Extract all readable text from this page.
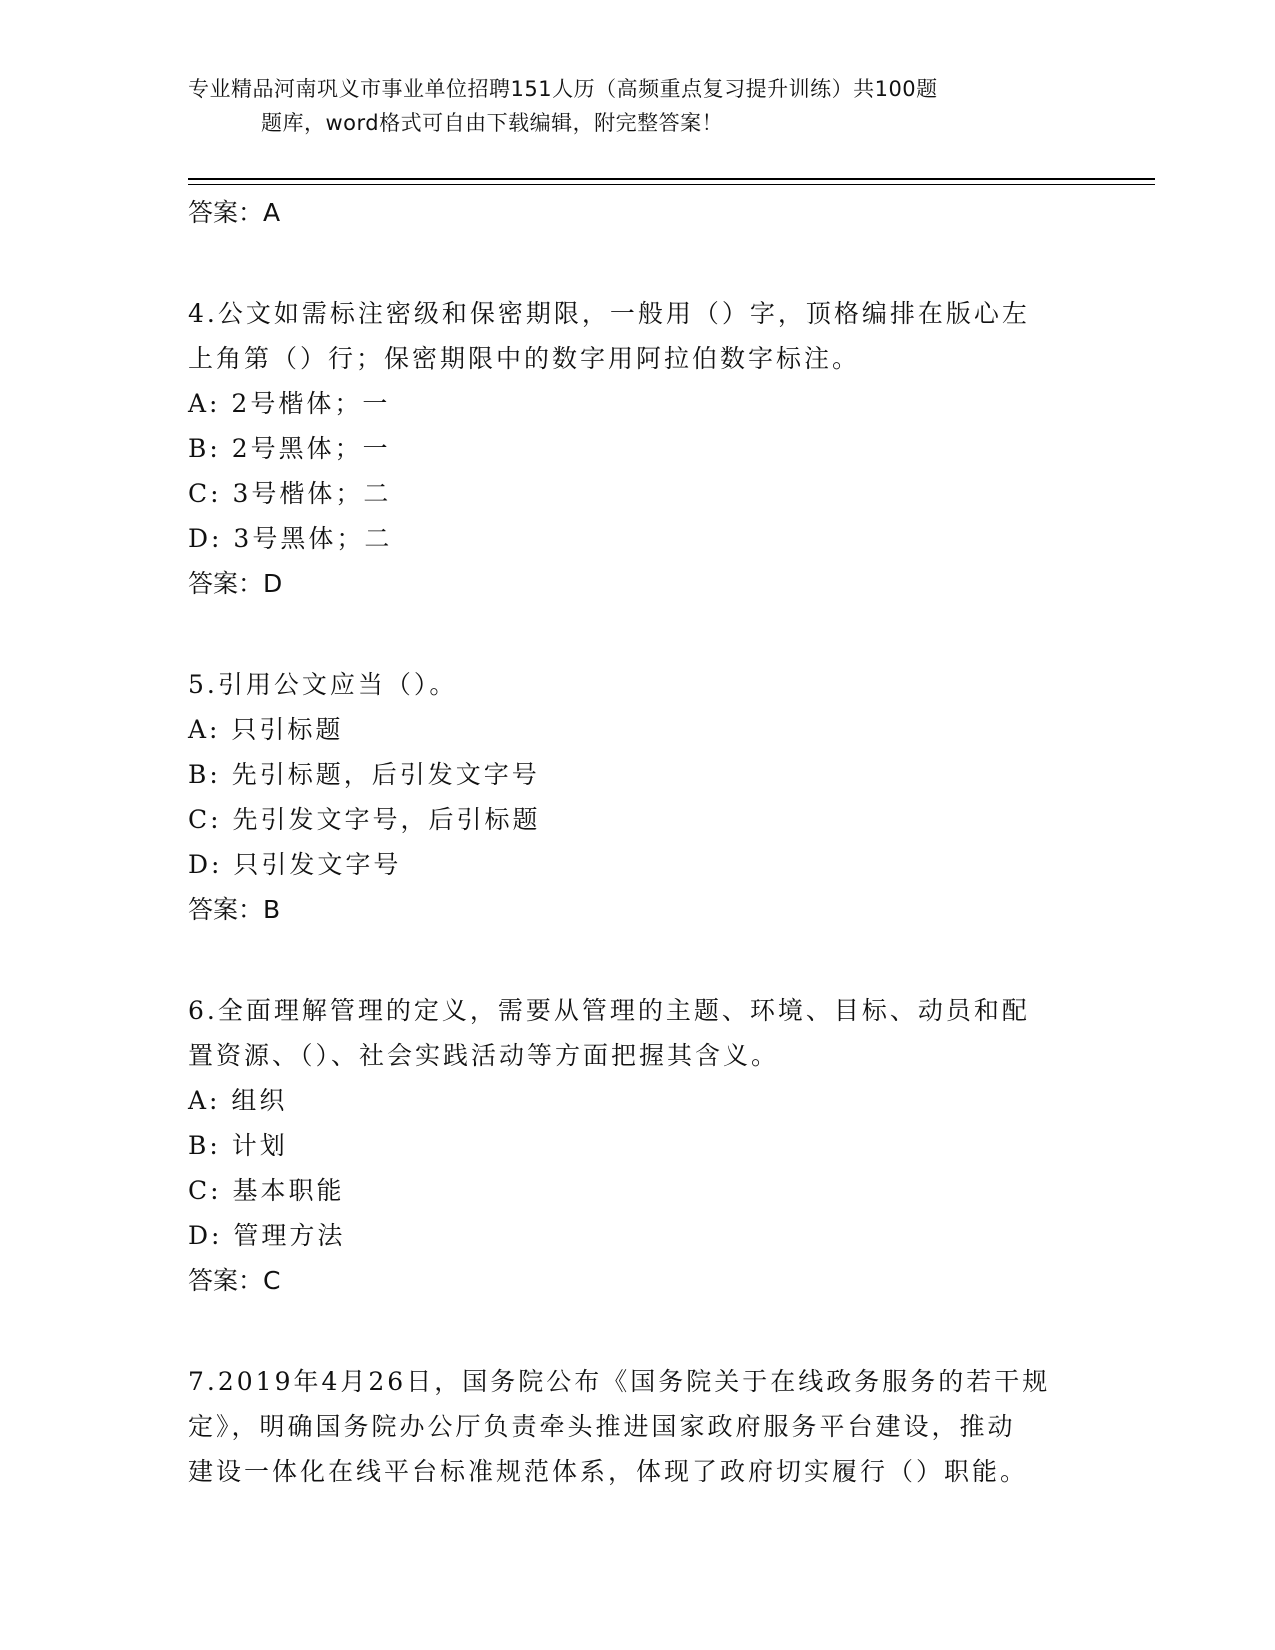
专业精品河南巩义市事业单位招聘151人历（高频重点复习提升训练）共100题
题库，word格式可自由下载编辑，附完整答案！
答案：A
4.公文如需标注密级和保密期限，一般用（）字，顶格编排在版心左
上角第（）行；保密期限中的数字用阿拉伯数字标注。
A: 2号楷体；一
B: 2号黑体；一
C: 3号楷体；二
D: 3号黑体；二
答案：D
5.引用公文应当（）。
A: 只引标题
B: 先引标题，后引发文字号
C: 先引发文字号，后引标题
D: 只引发文字号
答案：B
6.全面理解管理的定义，需要从管理的主题、环境、目标、动员和配
置资源、（）、社会实践活动等方面把握其含义。
A: 组织
B: 计划
C: 基本职能
D: 管理方法
答案：C
7.2019年4月26日，国务院公布《国务院关于在线政务服务的若干规
定》，明确国务院办公厅负责牵头推进国家政府服务平台建设，推动
建设一体化在线平台标准规范体系，体现了政府切实履行（）职能。
